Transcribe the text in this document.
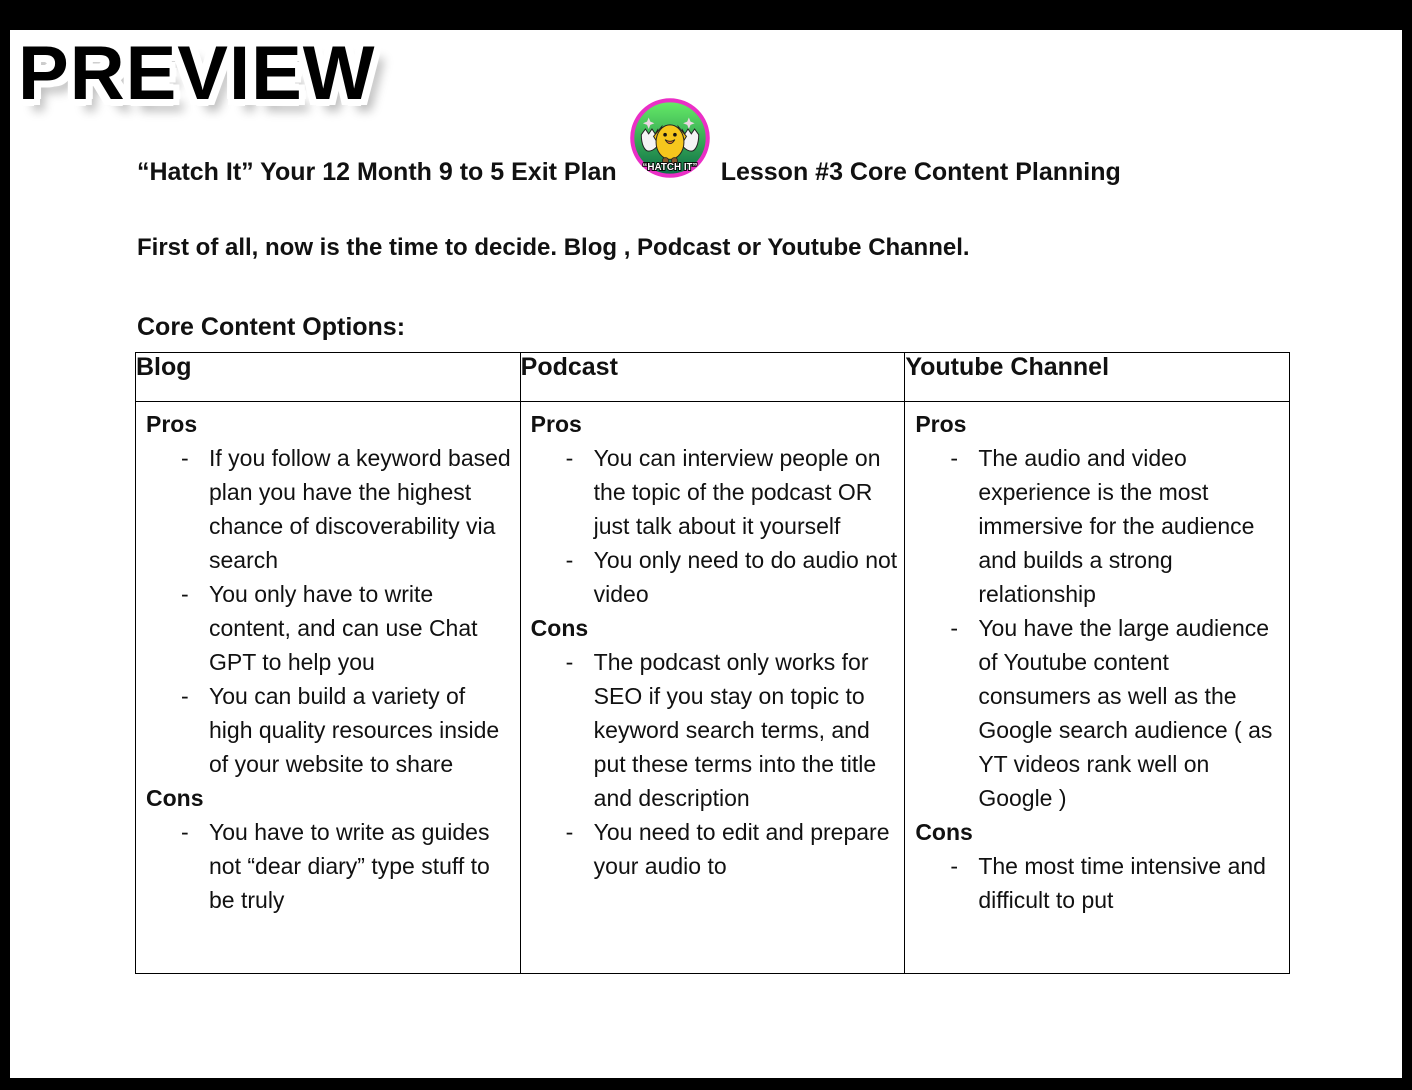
PREVIEW
“Hatch It” Your 12 Month 9 to 5 Exit Plan “HATCH IT” Lesson #3 Core Content Planning
First of all, now is the time to decide. Blog , Podcast or Youtube Channel.
Core Content Options:
Blog	Podcast	Youtube Channel

Pros
- If you follow a keyword based plan you have the highest chance of discoverability via search
- You only have to write content, and can use Chat GPT to help you
- You can build a variety of high quality resources inside of your website to share
Cons
- You have to write as guides not “dear diary” type stuff to be truly

Pros
- You can interview people on the topic of the podcast OR just talk about it yourself
- You only need to do audio not video
Cons
- The podcast only works for SEO if you stay on topic to keyword search terms, and put these terms into the title and description
- You need to edit and prepare your audio to

Pros
- The audio and video experience is the most immersive for the audience and builds a strong relationship
- You have the large audience of Youtube content consumers as well as the Google search audience ( as YT videos rank well on Google )
Cons
- The most time intensive and difficult to put
